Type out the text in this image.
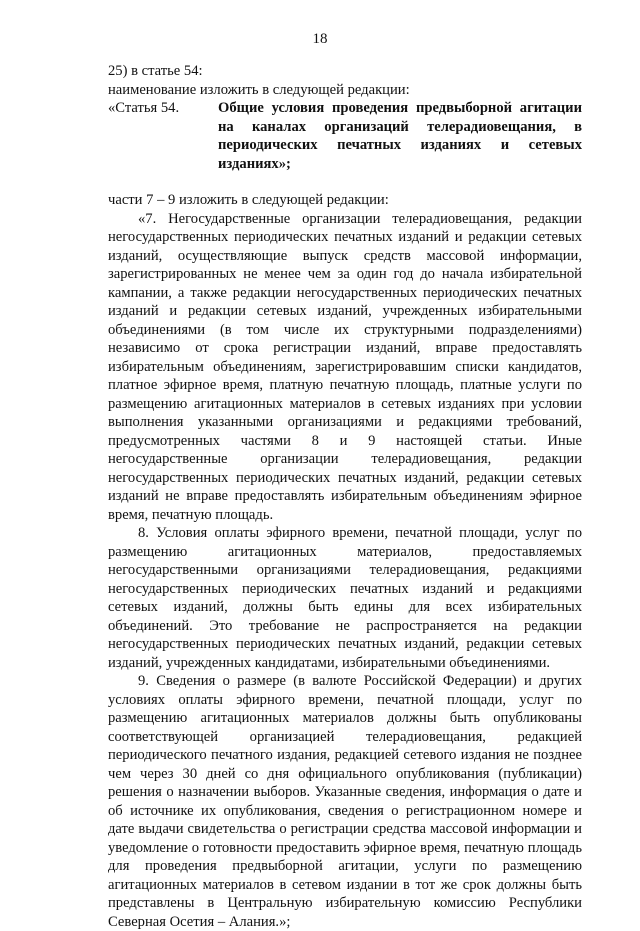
18

25) в статье 54:

наименование изложить в следующей редакции:

«Статья 54.	Общие условия проведения предвыборной агитации на каналах организаций телерадиовещания, в периодических печатных изданиях и сетевых изданиях»;

части 7 – 9 изложить в следующей редакции:

«7. Негосударственные организации телерадиовещания, редакции негосударственных периодических печатных изданий и редакции сетевых изданий, осуществляющие выпуск средств массовой информации, зарегистрированных не менее чем за один год до начала избирательной кампании, а также редакции негосударственных периодических печатных изданий и редакции сетевых изданий, учрежденных избирательными объединениями (в том числе их структурными подразделениями) независимо от срока регистрации изданий, вправе предоставлять избирательным объединениям, зарегистрировавшим списки кандидатов, платное эфирное время, платную печатную площадь, платные услуги по размещению агитационных материалов в сетевых изданиях при условии выполнения указанными организациями и редакциями требований, предусмотренных частями 8 и 9 настоящей статьи. Иные негосударственные организации телерадиовещания, редакции негосударственных периодических печатных изданий, редакции сетевых изданий не вправе предоставлять избирательным объединениям эфирное время, печатную площадь.

8. Условия оплаты эфирного времени, печатной площади, услуг по размещению агитационных материалов, предоставляемых негосударственными организациями телерадиовещания, редакциями негосударственных периодических печатных изданий и редакциями сетевых изданий, должны быть едины для всех избирательных объединений. Это требование не распространяется на редакции негосударственных периодических печатных изданий, редакции сетевых изданий, учрежденных кандидатами, избирательными объединениями.

9. Сведения о размере (в валюте Российской Федерации) и других условиях оплаты эфирного времени, печатной площади, услуг по размещению агитационных материалов должны быть опубликованы соответствующей организацией телерадиовещания, редакцией периодического печатного издания, редакцией сетевого издания не позднее чем через 30 дней со дня официального опубликования (публикации) решения о назначении выборов. Указанные сведения, информация о дате и об источнике их опубликования, сведения о регистрационном номере и дате выдачи свидетельства о регистрации средства массовой информации и уведомление о готовности предоставить эфирное время, печатную площадь для проведения предвыборной агитации, услуги по размещению агитационных материалов в сетевом издании в тот же срок должны быть представлены в Центральную избирательную комиссию Республики Северная Осетия – Алания.»;
